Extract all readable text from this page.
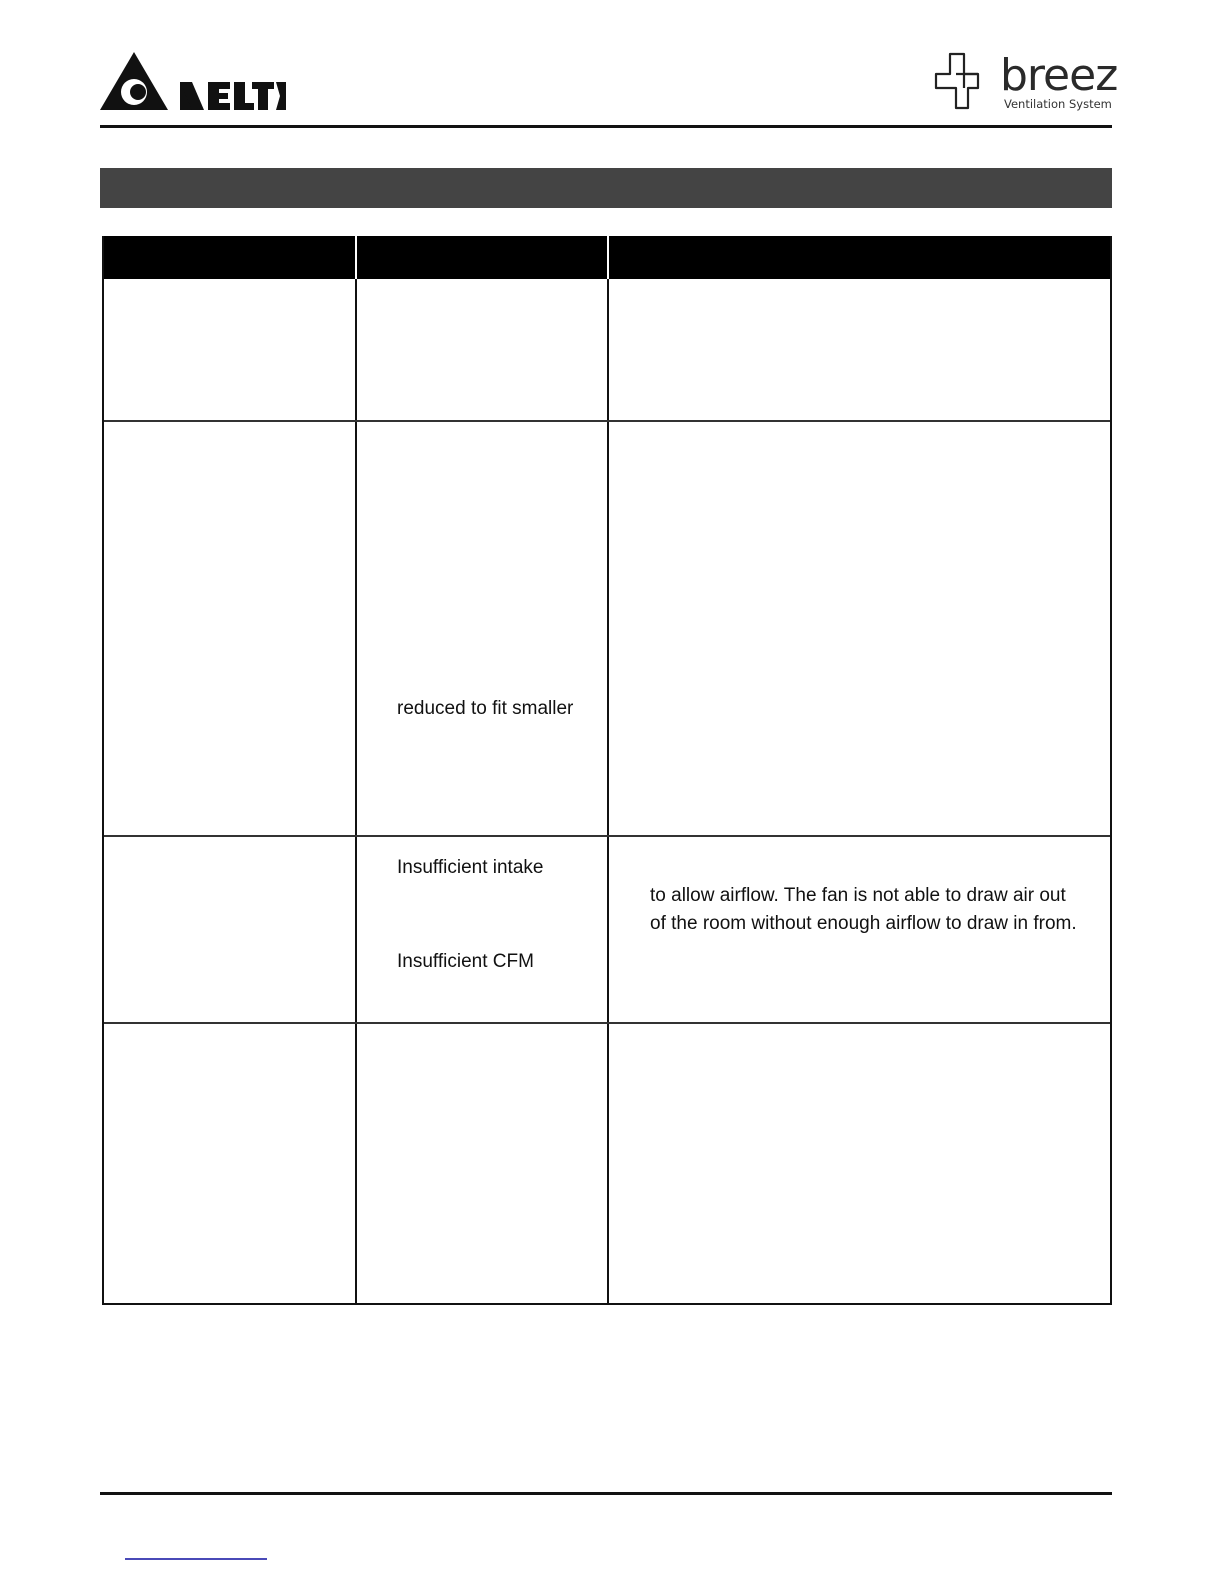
breez
Ventilation System
reduced to fit smaller
Insufficient intake
Insufficient CFM
to allow airflow. The fan is not able to draw air out
of the room without enough airflow to draw in from.
